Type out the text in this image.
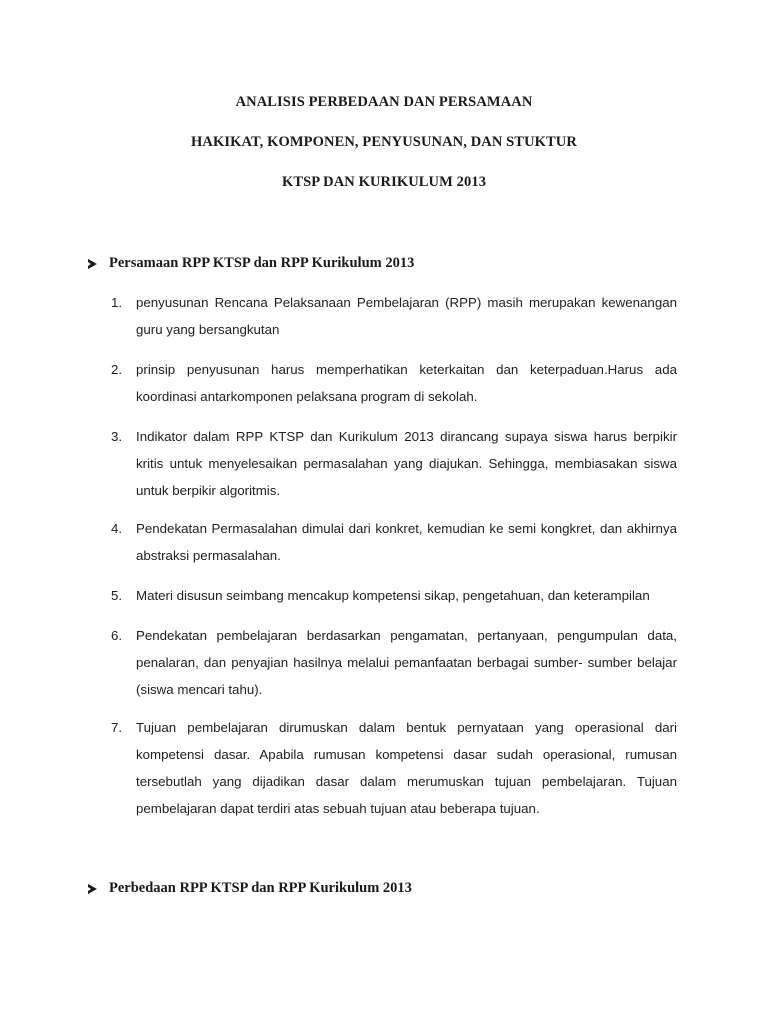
ANALISIS PERBEDAAN DAN PERSAMAAN
HAKIKAT, KOMPONEN, PENYUSUNAN, DAN STUKTUR
KTSP DAN KURIKULUM 2013
Persamaan RPP KTSP dan RPP Kurikulum 2013
1.	penyusunan Rencana Pelaksanaan Pembelajaran (RPP) masih merupakan kewenangan guru yang bersangkutan
2.	prinsip penyusunan harus memperhatikan keterkaitan dan keterpaduan.Harus ada koordinasi antarkomponen pelaksana program di sekolah.
3.	Indikator dalam RPP KTSP dan Kurikulum 2013 dirancang supaya siswa harus berpikir kritis untuk menyelesaikan permasalahan yang diajukan. Sehingga, membiasakan siswa untuk berpikir algoritmis.
4.	Pendekatan Permasalahan dimulai dari konkret, kemudian ke semi kongkret, dan akhirnya abstraksi permasalahan.
5.	Materi disusun seimbang mencakup kompetensi sikap, pengetahuan, dan keterampilan
6.	Pendekatan pembelajaran berdasarkan pengamatan, pertanyaan, pengumpulan data, penalaran, dan penyajian hasilnya melalui pemanfaatan berbagai sumber- sumber belajar (siswa mencari tahu).
7.	Tujuan pembelajaran dirumuskan dalam bentuk pernyataan yang operasional dari kompetensi dasar. Apabila rumusan kompetensi dasar sudah operasional, rumusan tersebutlah yang dijadikan dasar dalam merumuskan tujuan pembelajaran. Tujuan pembelajaran dapat terdiri atas sebuah tujuan atau beberapa tujuan.
Perbedaan RPP KTSP dan RPP Kurikulum 2013
